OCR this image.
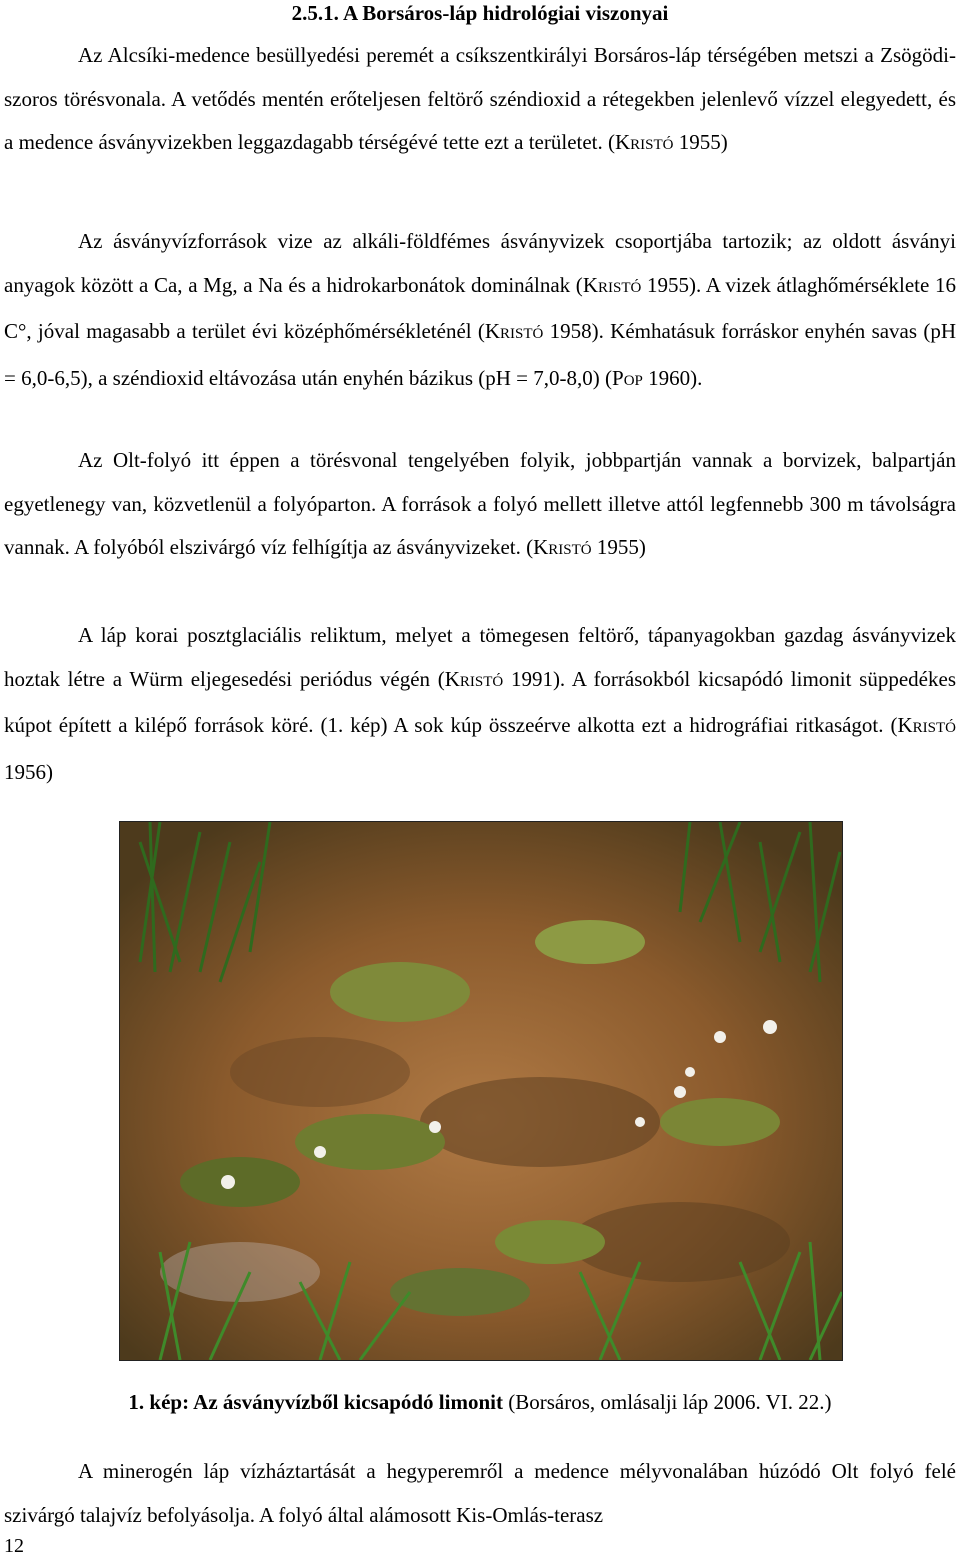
2.5.1. A Borsáros-láp hidrológiai viszonyai

Az Alcsíki-medence besüllyedési peremét a csíkszentkirályi Borsáros-láp térségében metszi a Zsögödi-szoros törésvonala. A vetődés mentén erőteljesen feltörő széndioxid a rétegekben jelenlevő vízzel elegyedett, és a medence ásványvizekben leggazdagabb térségévé tette ezt a területet. (KRISTÓ 1955)

Az ásványvízforrások vize az alkáli-földfémes ásványvizek csoportjába tartozik; az oldott ásványi anyagok között a Ca, a Mg, a Na és a hidrokarbonátok dominálnak (KRISTÓ 1955). A vizek átlaghőmérséklete 16 C°, jóval magasabb a terület évi középhőmérsékleténél (KRISTÓ 1958). Kémhatásuk forráskor enyhén savas (pH = 6,0-6,5), a széndioxid eltávozása után enyhén bázikus (pH = 7,0-8,0) (POP 1960).

Az Olt-folyó itt éppen a törésvonal tengelyében folyik, jobbpartján vannak a borvizek, balpartján egyetlenegy van, közvetlenül a folyóparton. A források a folyó mellett illetve attól legfennebb 300 m távolságra vannak. A folyóból elszivárgó víz felhígítja az ásványvizeket. (KRISTÓ 1955)

A láp korai posztglaciális reliktum, melyet a tömegesen feltörő, tápanyagokban gazdag ásványvizek hoztak létre a Würm eljegesedési periódus végén (KRISTÓ 1991). A forrásokból kicsapódó limonit süppedékes kúpot épített a kilépő források köré. (1. kép) A sok kúp összeérve alkotta ezt a hidrográfiai ritkaságot. (KRISTÓ 1956)

1. kép: Az ásványvízből kicsapódó limonit (Borsáros, omlásalji láp 2006. VI. 22.)

A minerogén láp vízháztartását a hegyperemről a medence mélyvonalában húzódó Olt folyó felé szivárgó talajvíz befolyásolja. A folyó által alámosott Kis-Omlás-terasz

12
